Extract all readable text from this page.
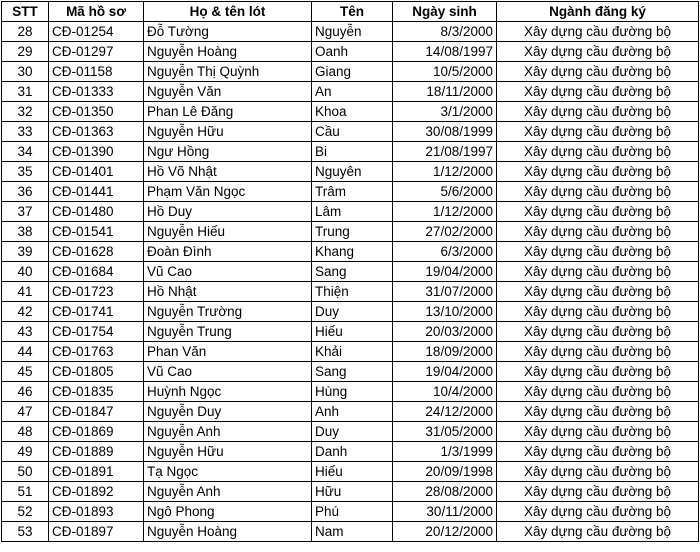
STT	Mã hồ sơ	Họ & tên lót	Tên	Ngày sinh	Ngành đăng ký
28	CĐ-01254	Đỗ Tường	Nguyễn	8/3/2000	Xây dựng cầu đường bộ
29	CĐ-01297	Nguyễn Hoàng	Oanh	14/08/1997	Xây dựng cầu đường bộ
30	CĐ-01158	Nguyễn Thị Quỳnh	Giang	10/5/2000	Xây dựng cầu đường bộ
31	CĐ-01333	Nguyễn Văn	An	18/11/2000	Xây dựng cầu đường bộ
32	CĐ-01350	Phan Lê Đăng	Khoa	3/1/2000	Xây dựng cầu đường bộ
33	CĐ-01363	Nguyễn Hữu	Cầu	30/08/1999	Xây dựng cầu đường bộ
34	CĐ-01390	Ngư Hồng	Bi	21/08/1997	Xây dựng cầu đường bộ
35	CĐ-01401	Hồ Võ Nhật	Nguyên	1/12/2000	Xây dựng cầu đường bộ
36	CĐ-01441	Phạm Văn Ngọc	Trâm	5/6/2000	Xây dựng cầu đường bộ
37	CĐ-01480	Hồ Duy	Lâm	1/12/2000	Xây dựng cầu đường bộ
38	CĐ-01541	Nguyễn Hiếu	Trung	27/02/2000	Xây dựng cầu đường bộ
39	CĐ-01628	Đoàn Đình	Khang	6/3/2000	Xây dựng cầu đường bộ
40	CĐ-01684	Vũ Cao	Sang	19/04/2000	Xây dựng cầu đường bộ
41	CĐ-01723	Hồ Nhật	Thiện	31/07/2000	Xây dựng cầu đường bộ
42	CĐ-01741	Nguyễn Trường	Duy	13/10/2000	Xây dựng cầu đường bộ
43	CĐ-01754	Nguyễn Trung	Hiếu	20/03/2000	Xây dựng cầu đường bộ
44	CĐ-01763	Phan Văn	Khải	18/09/2000	Xây dựng cầu đường bộ
45	CĐ-01805	Vũ Cao	Sang	19/04/2000	Xây dựng cầu đường bộ
46	CĐ-01835	Huỳnh Ngọc	Hùng	10/4/2000	Xây dựng cầu đường bộ
47	CĐ-01847	Nguyễn Duy	Anh	24/12/2000	Xây dựng cầu đường bộ
48	CĐ-01869	Nguyễn Anh	Duy	31/05/2000	Xây dựng cầu đường bộ
49	CĐ-01889	Nguyễn Hữu	Danh	1/3/1999	Xây dựng cầu đường bộ
50	CĐ-01891	Tạ Ngọc	Hiếu	20/09/1998	Xây dựng cầu đường bộ
51	CĐ-01892	Nguyễn Anh	Hữu	28/08/2000	Xây dựng cầu đường bộ
52	CĐ-01893	Ngô Phong	Phú	30/11/2000	Xây dựng cầu đường bộ
53	CĐ-01897	Nguyễn Hoàng	Nam	20/12/2000	Xây dựng cầu đường bộ
